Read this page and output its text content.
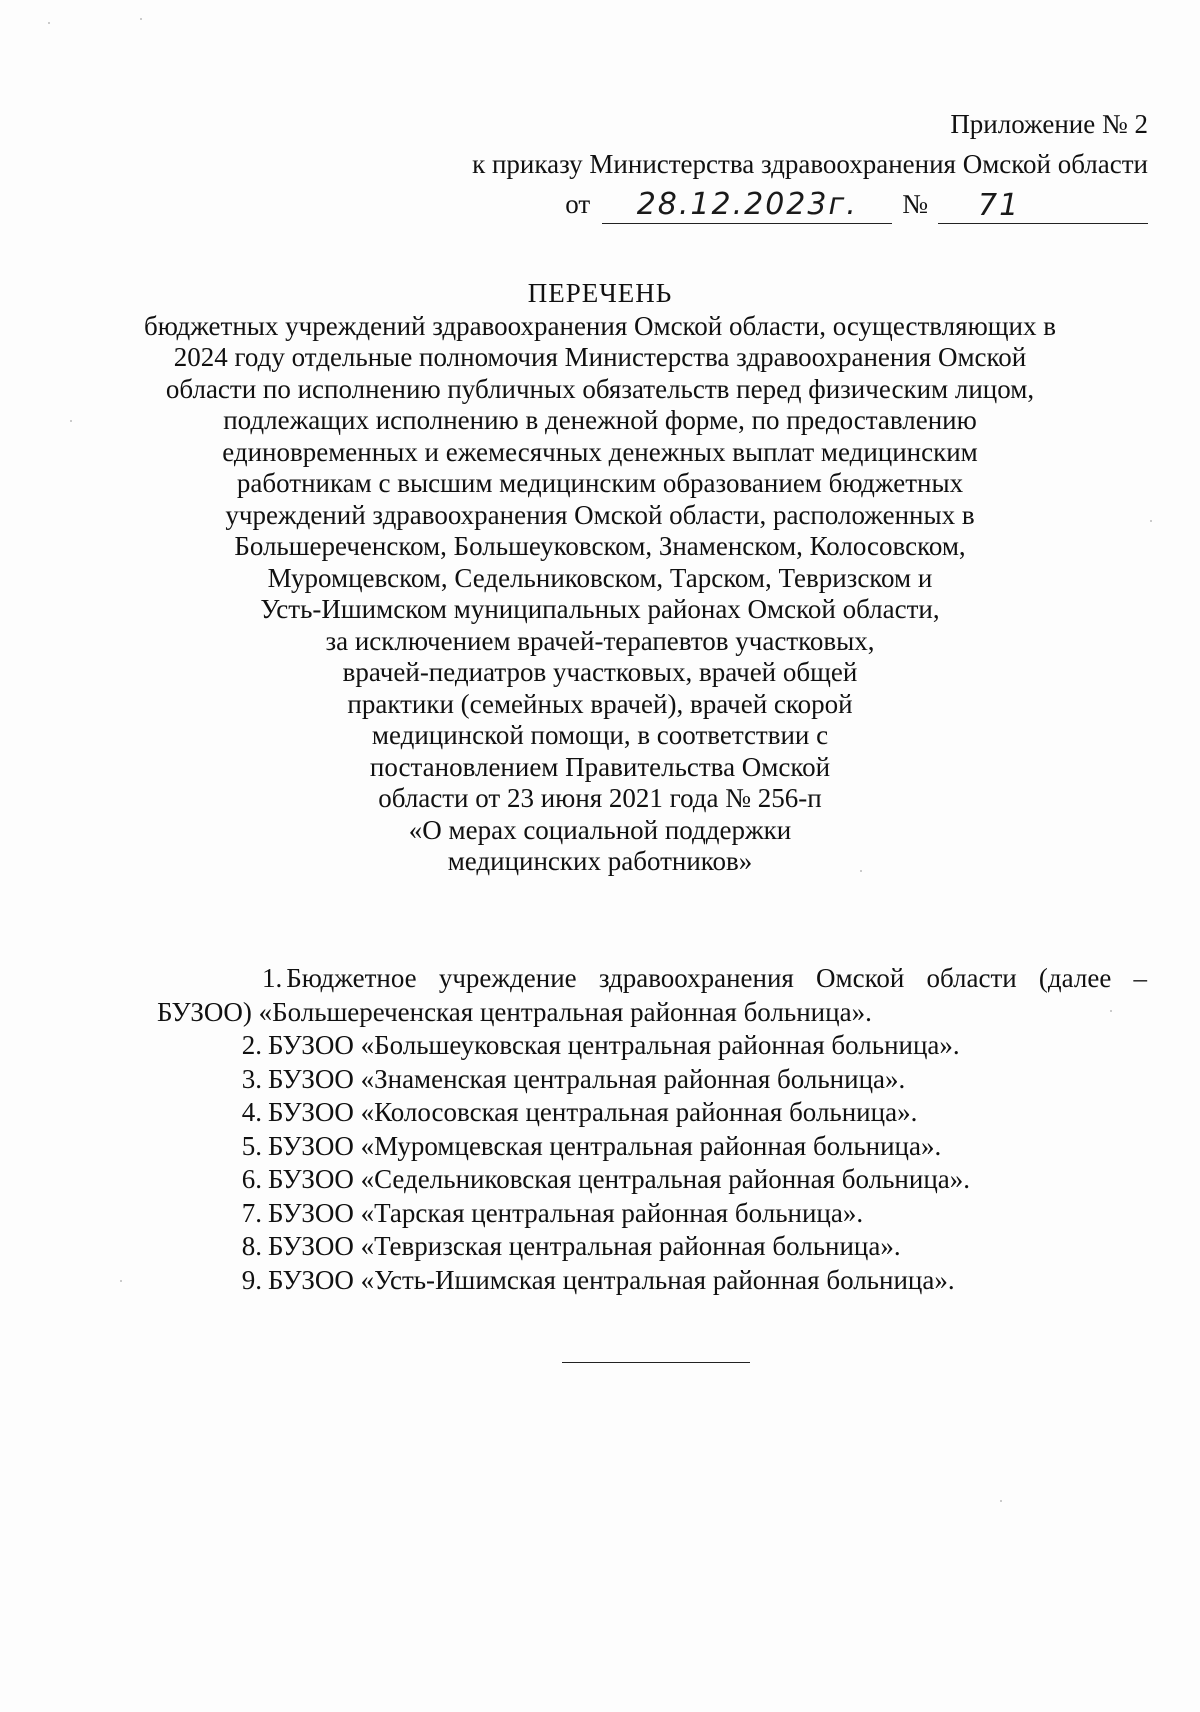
Приложение № 2
к приказу Министерства здравоохранения Омской области
от	28.12.2023г.	№	71
ПЕРЕЧЕНЬ
бюджетных учреждений здравоохранения Омской области, осуществляющих в
2024 году отдельные полномочия Министерства здравоохранения Омской
области по исполнению публичных обязательств перед физическим лицом,
подлежащих исполнению в денежной форме, по предоставлению
единовременных и ежемесячных денежных выплат медицинским
работникам с высшим медицинским образованием бюджетных
учреждений здравоохранения Омской области, расположенных в
Большереченском, Большеуковском, Знаменском, Колосовском,
Муромцевском, Седельниковском, Тарском, Тевризском и
Усть-Ишимском муниципальных районах Омской области,
за исключением врачей-терапевтов участковых,
врачей-педиатров участковых, врачей общей
практики (семейных врачей), врачей скорой
медицинской помощи, в соответствии с
постановлением Правительства Омской
области от 23 июня 2021 года № 256-п
«О мерах социальной поддержки
медицинских работников»

1. Бюджетное учреждение здравоохранения Омской области (далее –

БУЗОО) «Большереченская центральная районная больница».
2. БУЗОО «Большеуковская центральная районная больница».
3. БУЗОО «Знаменская центральная районная больница».
4. БУЗОО «Колосовская центральная районная больница».
5. БУЗОО «Муромцевская центральная районная больница».
6. БУЗОО «Седельниковская центральная районная больница».
7. БУЗОО «Тарская центральная районная больница».
8. БУЗОО «Тевризская центральная районная больница».
9. БУЗОО «Усть-Ишимская центральная районная больница».
